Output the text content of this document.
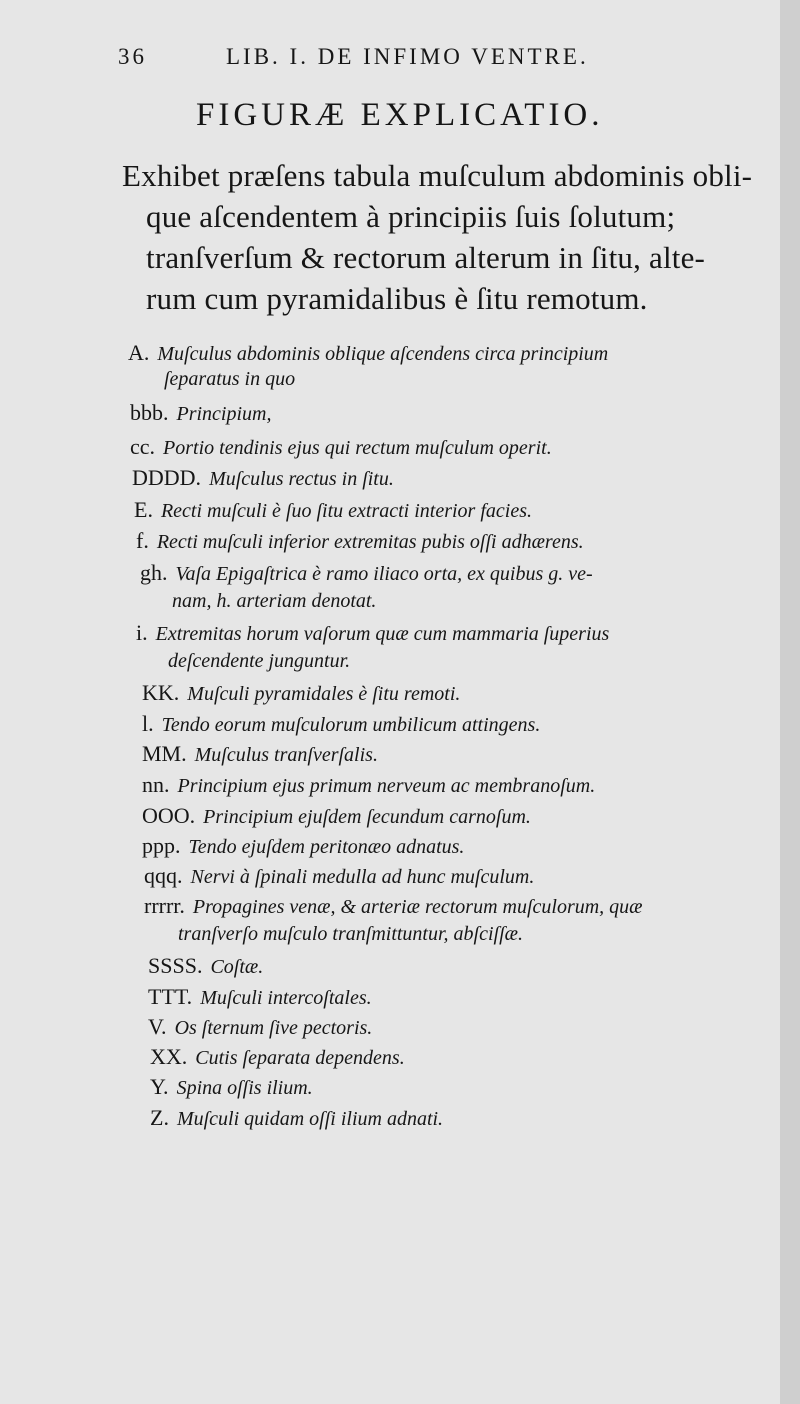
36	LIB. I. DE INFIMO VENTRE.
FIGURÆ EXPLICATIO.
Exhibet præſens tabula muſculum abdominis obli-
que aſcendentem à principiis ſuis ſolutum;
tranſverſum & rectorum alterum in ſitu, alte-
rum cum pyramidalibus è ſitu remotum.
A. Muſculus abdominis oblique aſcendens circa principium
ſeparatus in quo
bbb. Principium,
cc. Portio tendinis ejus qui rectum muſculum operit.
DDDD. Muſculus rectus in ſitu.
E. Recti muſculi è ſuo ſitu extracti interior facies.
f. Recti muſculi inferior extremitas pubis oſſi adhærens.
gh. Vaſa Epigaſtrica è ramo iliaco orta, ex quibus g. ve-
nam, h. arteriam denotat.
i. Extremitas horum vaſorum quæ cum mammaria ſuperius
deſcendente junguntur.
KK. Muſculi pyramidales è ſitu remoti.
l. Tendo eorum muſculorum umbilicum attingens.
MM. Muſculus tranſverſalis.
nn. Principium ejus primum nerveum ac membranoſum.
OOO. Principium ejuſdem ſecundum carnoſum.
ppp. Tendo ejuſdem peritonæo adnatus.
qqq. Nervi à ſpinali medulla ad hunc muſculum.
rrrrr. Propagines venæ, & arteriæ rectorum muſculorum, quæ
tranſverſo muſculo tranſmittuntur, abſciſſæ.
SSSS. Coſtæ.
TTT. Muſculi intercoſtales.
V. Os ſternum ſive pectoris.
XX. Cutis ſeparata dependens.
Y. Spina oſſis ilium.
Z. Muſculi quidam oſſi ilium adnati.
